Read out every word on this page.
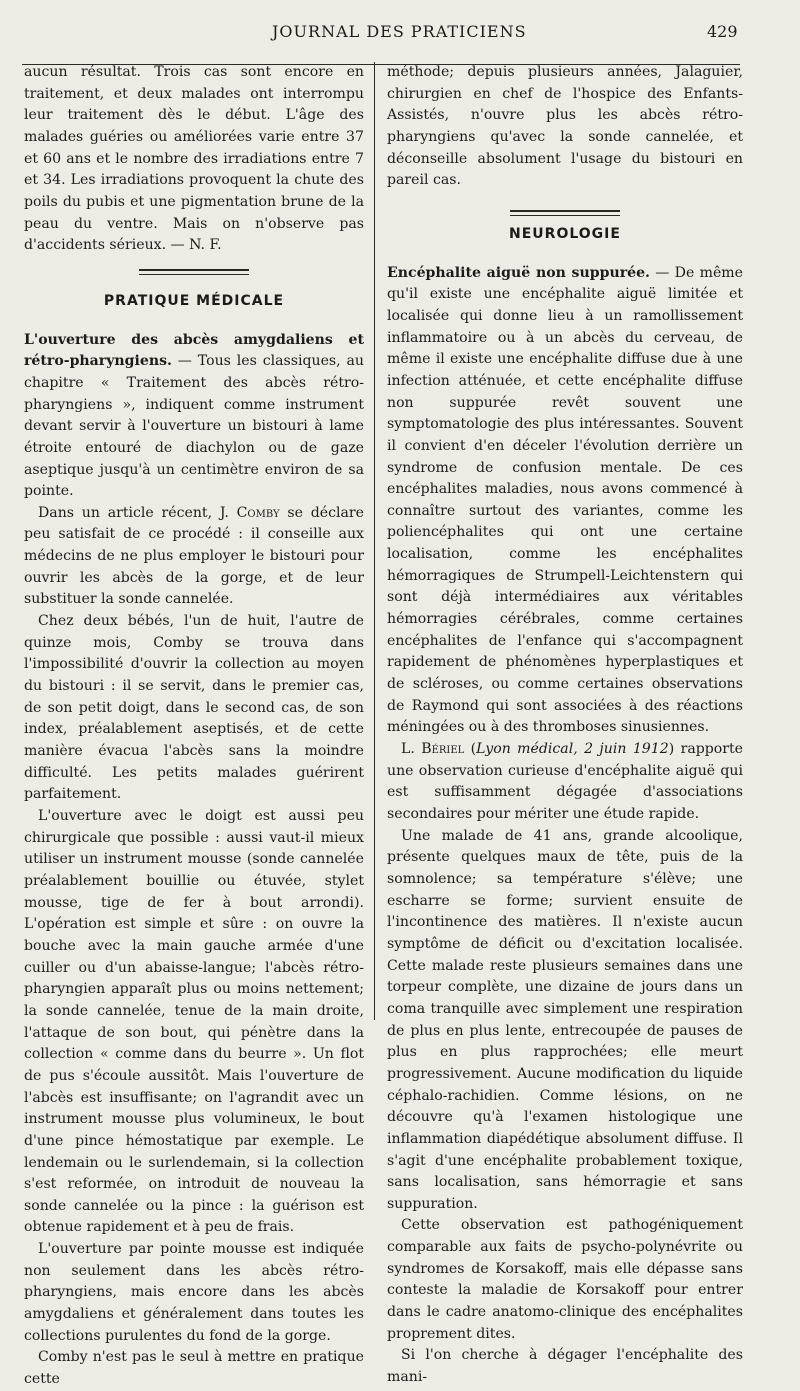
JOURNAL DES PRATICIENS	429

aucun résultat. Trois cas sont encore en traitement, et deux malades ont interrompu leur traitement dès le début. L'âge des malades guéries ou améliorées varie entre 37 et 60 ans et le nombre des irradiations entre 7 et 34. Les irradiations provoquent la chute des poils du pubis et une pigmentation brune de la peau du ventre. Mais on n'observe pas d'accidents sérieux. — N. F.

PRATIQUE MÉDICALE

L'ouverture des abcès amygdaliens et rétro-pharyngiens. — Tous les classiques, au chapitre « Traitement des abcès rétro-pharyngiens », indiquent comme instrument devant servir à l'ouverture un bistouri à lame étroite entouré de diachylon ou de gaze aseptique jusqu'à un centimètre environ de sa pointe.

Dans un article récent, J. Comby se déclare peu satisfait de ce procédé : il conseille aux médecins de ne plus employer le bistouri pour ouvrir les abcès de la gorge, et de leur substituer la sonde cannelée.

Chez deux bébés, l'un de huit, l'autre de quinze mois, Comby se trouva dans l'impossibilité d'ouvrir la collection au moyen du bistouri : il se servit, dans le premier cas, de son petit doigt, dans le second cas, de son index, préalablement aseptisés, et de cette manière évacua l'abcès sans la moindre difficulté. Les petits malades guérirent parfaitement.

L'ouverture avec le doigt est aussi peu chirurgicale que possible : aussi vaut-il mieux utiliser un instrument mousse (sonde cannelée préalablement bouillie ou étuvée, stylet mousse, tige de fer à bout arrondi). L'opération est simple et sûre : on ouvre la bouche avec la main gauche armée d'une cuiller ou d'un abaisse-langue; l'abcès rétro-pharyngien apparaît plus ou moins nettement; la sonde cannelée, tenue de la main droite, l'attaque de son bout, qui pénètre dans la collection « comme dans du beurre ». Un flot de pus s'écoule aussitôt. Mais l'ouverture de l'abcès est insuffisante; on l'agrandit avec un instrument mousse plus volumineux, le bout d'une pince hémostatique par exemple. Le lendemain ou le surlendemain, si la collection s'est reformée, on introduit de nouveau la sonde cannelée ou la pince : la guérison est obtenue rapidement et à peu de frais.

L'ouverture par pointe mousse est indiquée non seulement dans les abcès rétro-pharyngiens, mais encore dans les abcès amygdaliens et généralement dans toutes les collections purulentes du fond de la gorge.

Comby n'est pas le seul à mettre en pratique cette

méthode; depuis plusieurs années, Jalaguier, chirurgien en chef de l'hospice des Enfants-Assistés, n'ouvre plus les abcès rétro-pharyngiens qu'avec la sonde cannelée, et déconseille absolument l'usage du bistouri en pareil cas.

NEUROLOGIE

Encéphalite aiguë non suppurée. — De même qu'il existe une encéphalite aiguë limitée et localisée qui donne lieu à un ramollissement inflammatoire ou à un abcès du cerveau, de même il existe une encéphalite diffuse due à une infection atténuée, et cette encéphalite diffuse non suppurée revêt souvent une symptomatologie des plus intéressantes. Souvent il convient d'en déceler l'évolution derrière un syndrome de confusion mentale. De ces encéphalites maladies, nous avons commencé à connaître surtout des variantes, comme les poliencéphalites qui ont une certaine localisation, comme les encéphalites hémorragiques de Strumpell-Leichtenstern qui sont déjà intermédiaires aux véritables hémorragies cérébrales, comme certaines encéphalites de l'enfance qui s'accompagnent rapidement de phénomènes hyperplastiques et de scléroses, ou comme certaines observations de Raymond qui sont associées à des réactions méningées ou à des thromboses sinusiennes.

L. Bériel (Lyon médical, 2 juin 1912) rapporte une observation curieuse d'encéphalite aiguë qui est suffisamment dégagée d'associations secondaires pour mériter une étude rapide.

Une malade de 41 ans, grande alcoolique, présente quelques maux de tête, puis de la somnolence; sa température s'élève; une escharre se forme; survient ensuite de l'incontinence des matières. Il n'existe aucun symptôme de déficit ou d'excitation localisée. Cette malade reste plusieurs semaines dans une torpeur complète, une dizaine de jours dans un coma tranquille avec simplement une respiration de plus en plus lente, entrecoupée de pauses de plus en plus rapprochées; elle meurt progressivement. Aucune modification du liquide céphalo-rachidien. Comme lésions, on ne découvre qu'à l'examen histologique une inflammation diapédétique absolument diffuse. Il s'agit d'une encéphalite probablement toxique, sans localisation, sans hémorragie et sans suppuration.

Cette observation est pathogéniquement comparable aux faits de psycho-polynévrite ou syndromes de Korsakoff, mais elle dépasse sans conteste la maladie de Korsakoff pour entrer dans le cadre anatomo-clinique des encéphalites proprement dites.

Si l'on cherche à dégager l'encéphalite des mani-
